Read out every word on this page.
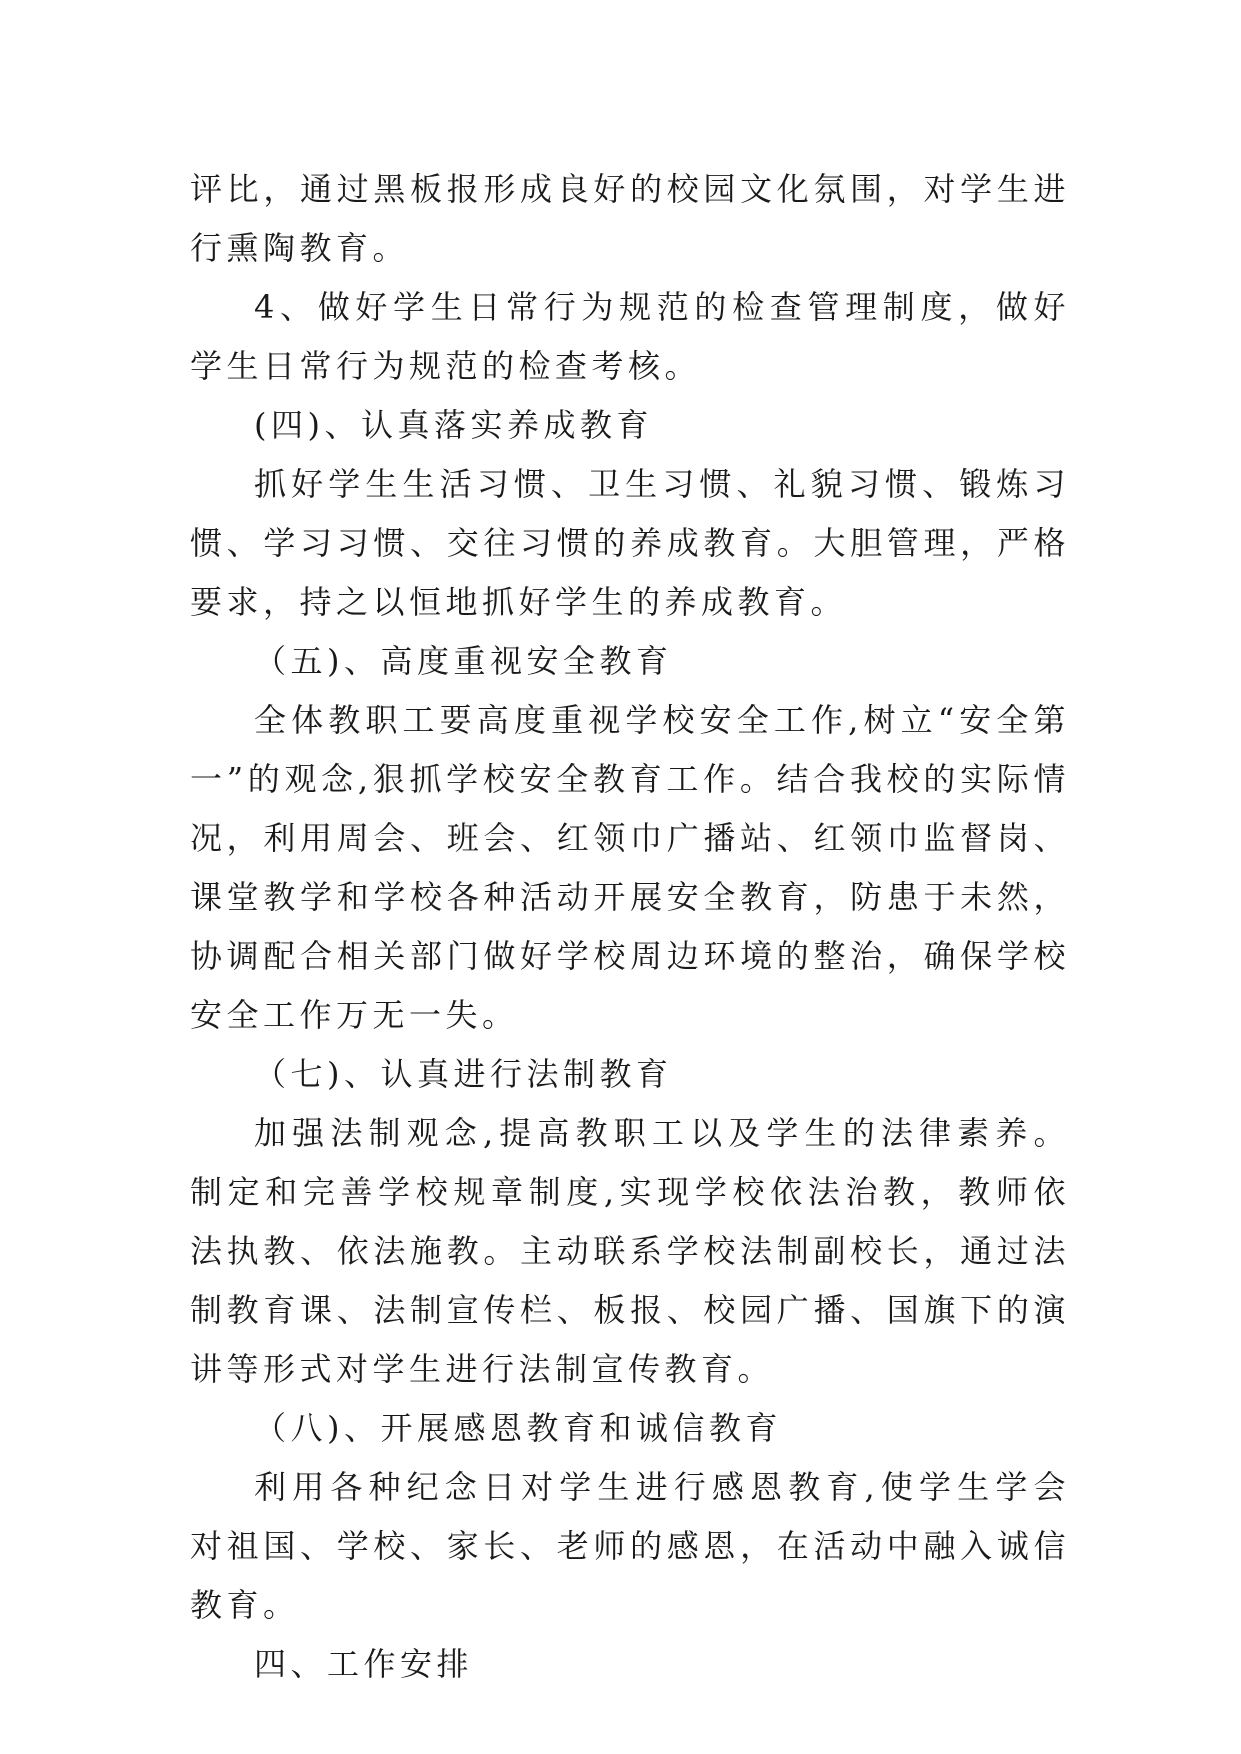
评比，通过黑板报形成良好的校园文化氛围，对学生进行熏陶教育。

4、做好学生日常行为规范的检查管理制度，做好学生日常行为规范的检查考核。

(四)、认真落实养成教育

抓好学生生活习惯、卫生习惯、礼貌习惯、锻炼习惯、学习习惯、交往习惯的养成教育。大胆管理，严格要求，持之以恒地抓好学生的养成教育。

（五)、高度重视安全教育

全体教职工要高度重视学校安全工作,树立“安全第一”的观念,狠抓学校安全教育工作。结合我校的实际情况，利用周会、班会、红领巾广播站、红领巾监督岗、课堂教学和学校各种活动开展安全教育，防患于未然，协调配合相关部门做好学校周边环境的整治，确保学校安全工作万无一失。

（七)、认真进行法制教育

加强法制观念,提高教职工以及学生的法律素养。制定和完善学校规章制度,实现学校依法治教，教师依法执教、依法施教。主动联系学校法制副校长，通过法制教育课、法制宣传栏、板报、校园广播、国旗下的演讲等形式对学生进行法制宣传教育。

（八)、开展感恩教育和诚信教育

利用各种纪念日对学生进行感恩教育,使学生学会对祖国、学校、家长、老师的感恩，在活动中融入诚信教育。

四、工作安排
